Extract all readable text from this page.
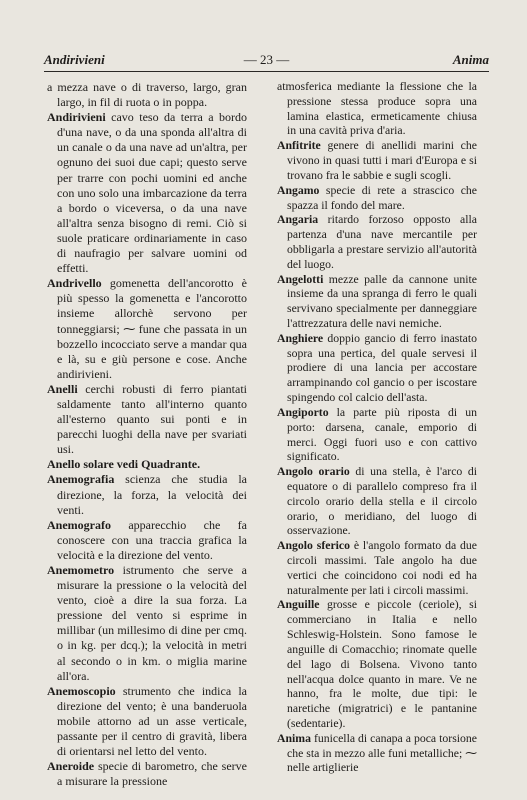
Andirivieni	— 23 —	Anima

a mezza nave o di traverso, largo, gran largo, in fil di ruota o in poppa.

Andirivieni cavo teso da terra a bordo d'una nave, o da una sponda all'altra di un canale o da una nave ad un'altra, per ognuno dei suoi due capi; questo serve per trarre con pochi uomini ed anche con uno solo una imbarcazione da terra a bordo o viceversa, o da una nave all'altra senza bisogno di remi. Ciò si suole praticare ordinariamente in caso di naufragio per salvare uomini od effetti.

Andrivello gomenetta dell'ancorotto è più spesso la gomenetta e l'ancorotto insieme allorchè servono per tonneggiarsi; ⁓ fune che passata in un bozzello incocciato serve a mandar qua e là, su e giù persone e cose. Anche andirivieni.

Anelli cerchi robusti di ferro piantati saldamente tanto all'interno quanto all'esterno quanto sui ponti e in parecchi luoghi della nave per svariati usi.

Anello solare vedi Quadrante.

Anemografia scienza che studia la direzione, la forza, la velocità dei venti.

Anemografo apparecchio che fa conoscere con una traccia grafica la velocità e la direzione del vento.

Anemometro istrumento che serve a misurare la pressione o la velocità del vento, cioè a dire la sua forza. La pressione del vento si esprime in millibar (un millesimo di dine per cmq. o in kg. per dcq.); la velocità in metri al secondo o in km. o miglia marine all'ora.

Anemoscopio strumento che indica la direzione del vento; è una banderuola mobile attorno ad un asse verticale, passante per il centro di gravità, libera di orientarsi nel letto del vento.

Aneroide specie di barometro, che serve a misurare la pressione

atmosferica mediante la flessione che la pressione stessa produce sopra una lamina elastica, ermeticamente chiusa in una cavità priva d'aria.

Anfitrite genere di anellidi marini che vivono in quasi tutti i mari d'Europa e si trovano fra le sabbie e sugli scogli.

Angamo specie di rete a strascico che spazza il fondo del mare.

Angaria ritardo forzoso opposto alla partenza d'una nave mercantile per obbligarla a prestare servizio all'autorità del luogo.

Angelotti mezze palle da cannone unite insieme da una spranga di ferro le quali servivano specialmente per danneggiare l'attrezzatura delle navi nemiche.

Anghiere doppio gancio di ferro inastato sopra una pertica, del quale servesi il prodiere di una lancia per accostare arrampinando col gancio o per iscostare spingendo col calcio dell'asta.

Angiporto la parte più riposta di un porto: darsena, canale, emporio di merci. Oggi fuori uso e con cattivo significato.

Angolo orario di una stella, è l'arco di equatore o di parallelo compreso fra il circolo orario della stella e il circolo orario, o meridiano, del luogo di osservazione.

Angolo sferico è l'angolo formato da due circoli massimi. Tale angolo ha due vertici che coincidono coi nodi ed ha naturalmente per lati i circoli massimi.

Anguille grosse e piccole (ceriole), si commerciano in Italia e nello Schleswig-Holstein. Sono famose le anguille di Comacchio; rinomate quelle del lago di Bolsena. Vivono tanto nell'acqua dolce quanto in mare. Ve ne hanno, fra le molte, due tipi: le naretiche (migratrici) e le pantanine (sedentarie).

Anima funicella di canapa a poca torsione che sta in mezzo alle funi metalliche; ⁓ nelle artiglierie
